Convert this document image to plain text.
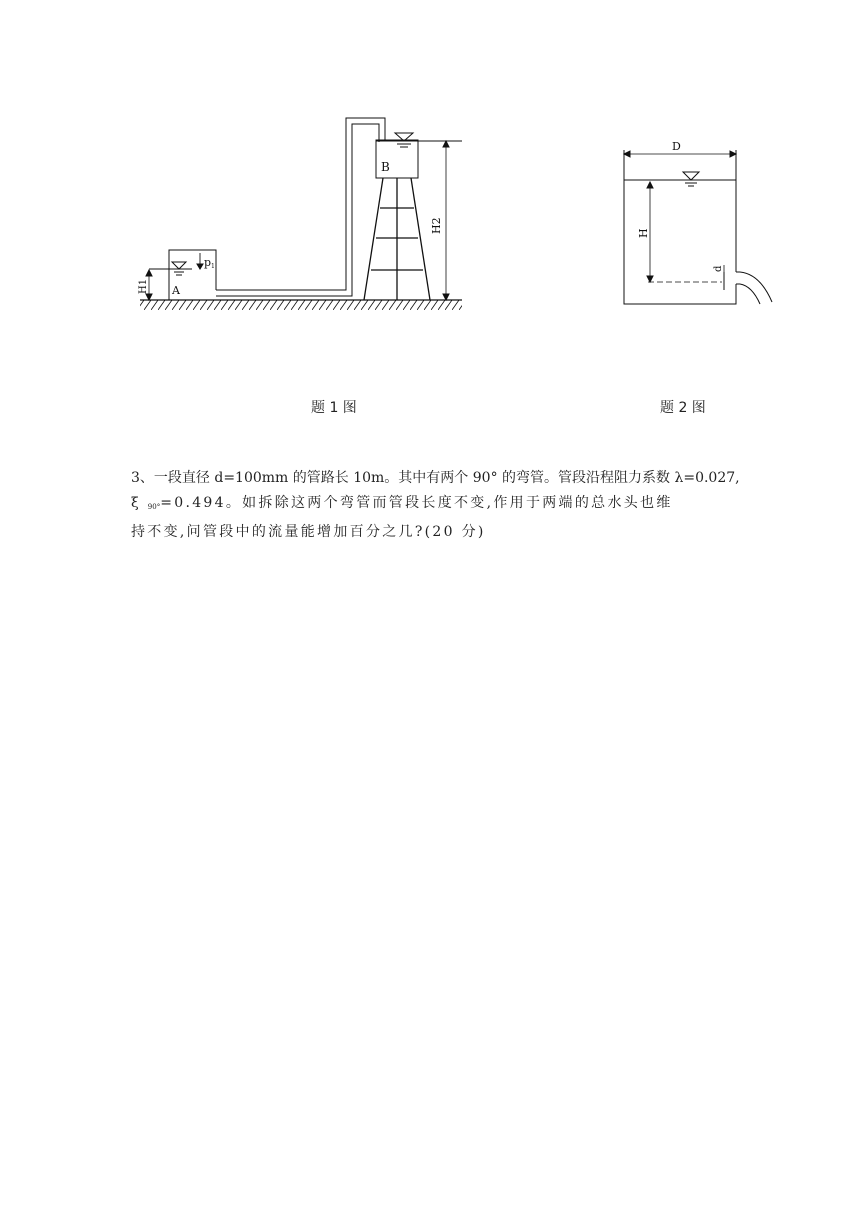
p 1
A
H1
B
H2
D
H
d
题 1 图	题 2 图
3、一段直径 d=100mm 的管路长 10m。其中有两个 90° 的弯管。管段沿程阻力系数 λ=0.027,
ξ $_{90^\circ}$=0.494。如拆除这两个弯管而管段长度不变,作用于两端的总水头也维
持不变,问管段中的流量能增加百分之几?(20 分)
